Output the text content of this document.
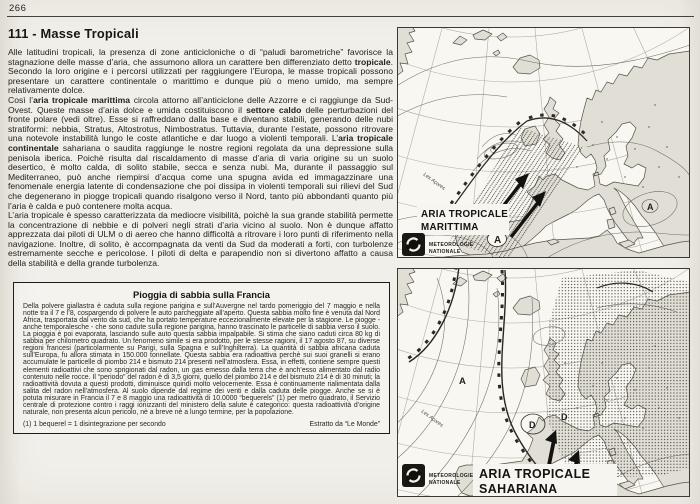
266
111 - Masse Tropicali

Alle latitudini tropicali, la presenza di zone anticicloniche o di “paludi barometriche” favorisce la stagnazione delle masse d’aria, che assumono allora un carattere ben differenziato detto tropicale. Secondo la loro origine e i percorsi utilizzati per raggiungere l’Europa, le masse tropicali possono presentare un carattere continentale o marittimo e dunque più o meno umido, ma sempre relativamente dolce.

Così l’aria tropicale marittima circola attorno all’anticiclone delle Azzorre e ci raggiunge da Sud-Ovest. Queste masse d’aria dolce e umida costituiscono il settore caldo delle perturbazioni del fronte polare (vedi oltre). Esse si raffreddano dalla base e diventano stabili, generando delle nubi stratiformi: nebbia, Stratus, Altostrotus, Nimbostratus. Tuttavia, durante l’estate, possono ritrovare una notevole instabilità lungo le coste atlantiche e dar luogo a violenti temporali. L’aria tropicale continentale sahariana o saudita raggiunge le nostre regioni regolata da una depressione sulla penisola iberica. Poichè risulta dal riscaldamento di masse d’aria di varia origine su un suolo desertico, è molto calda, di solito stabile, secca e senza nubi. Ma, durante il passaggio sul Mediterraneo, può anche riempirsi d’acqua come una spugna avida ed immagazzinare una fenomenale energia latente di condensazione che poi dissipa in violenti temporali sui rilievi del Sud che degenerano in piogge tropicali quando risalgono verso il Nord, tanto più abbondanti quanto più l’aria è calda e può contenere molta acqua.

L’aria tropicale è spesso caratterizzata da mediocre visibilità, poichè la sua grande stabilità permette la concentrazione di nebbie e di polveri negli strati d’aria vicino al suolo. Non è dunque affatto apprezzata dai piloti di ULM o di aereo che hanno difficoltà a ritrovare i loro punti di riferimento nella navigazione. Inoltre, di solito, è accompagnata da venti da Sud da moderati a forti, con turbolenze estremamente secche e pericolose. I piloti di delta e parapendio non si divertono affatto a causa della stabilità e della grande turbolenza.

Pioggia di sabbia sulla Francia

Della polvere giallastra è caduta sulla regione parigina e sull’Auvergne nel tardo pomeriggio del 7 maggio e nella notte tra il 7 e l’8, cospargendo di polvere le auto parcheggiate all’aperto. Questa sabbia molto fine è venuta dal Nord Africa, trasportata dal vento da sud, che ha portato temperature eccezionalmente elevate per la stagione. Le piogge - anche temporalesche - che sono cadute sulla regione parigina, hanno trascinato le particelle di sabbia verso il suolo. La pioggia è poi evaporata, lasciando sulle auto questa sabbia impalpabile. Si stima che siano caduti circa 80 kg di sabbia per chilometro quadrato. Un fenomeno simile si era prodotto, per le stesse ragioni, il 17 agosto 87, su diverse regioni francesi (particolarmente su Parigi, sulla Spagna e sull’Inghilterra). La quantità di sabbia africana caduta sull’Europa, fu allora stimata in 150.000 tonnellate. Questa sabbia era radioattiva perchè sui suoi granelli si erano accumulate le particelle di piombo 214 e bismuto 214 presenti nell’atmosfera. Essa, in effetti, contiene sempre questi elementi radioattivi che sono sprigionati dal radon, un gas emesso dalla terra che è anch’esso alimentato dal radio contenuto nelle rocce. Il “periodo” del radon è di 3,5 giorni, quello del piombo 214 e del bismuto 214 è di 30 minuti; la radioattività dovuta a questi prodotti, diminuisce quindi molto velocemente. Essa è continuamente rialimentata dalla salita del radon nell’atmosfera. Al suolo dipende dal regime dei venti e dalla caduta delle piogge. Anche se si è potuta misurare in Francia il 7 e 8 maggio una radioattività di 10.0000 “bequerels” (1) per metro quadrato, il Servizio centrale di protezione contro i raggi ionizzanti del ministero della salute è categorico: questa radioattività d’origine naturale, non presenta alcun pericolo, nè a breve nè a lungo termine, per la popolazione.

(1) 1 bequerel = 1 disintegrazione per secondo	Estratto da “Le Monde”
A
A
Les Açores
ARIA TROPICALE
MARITTIMA
METEOROLOGIE
NATIONALE
A
D
D
Les Açores
ARIA TROPICALE
SAHARIANA
METEOROLOGIE
NATIONALE
